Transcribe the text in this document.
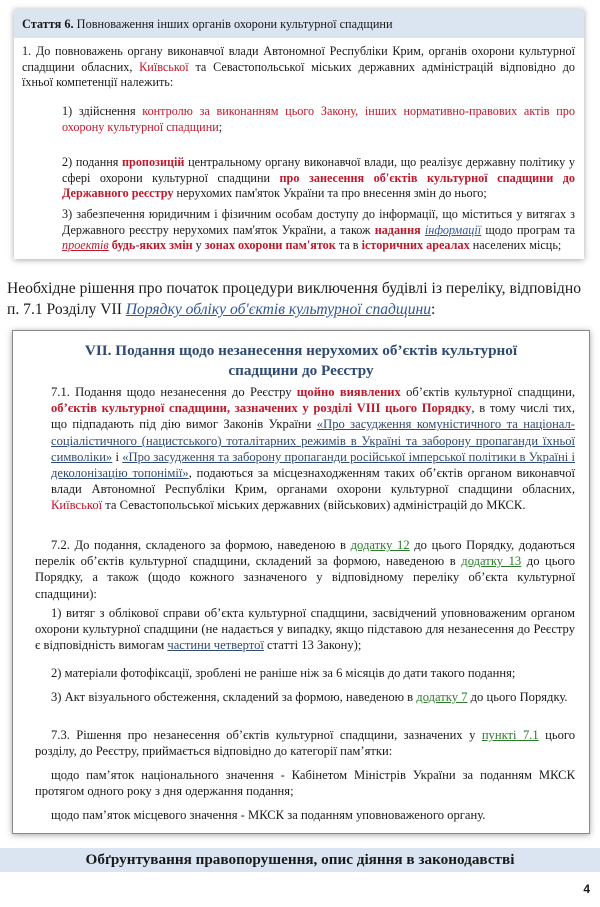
Стаття 6. Повноваження інших органів охорони культурної спадщини
1. До повноважень органу виконавчої влади Автономної Республіки Крим, органів охорони культурної спадщини обласних, Київської та Севастопольської міських державних адміністрацій відповідно до їхньої компетенції належить:
1) здійснення контролю за виконанням цього Закону, інших нормативно-правових актів про охорону культурної спадщини;
2) подання пропозицій центральному органу виконавчої влади, що реалізує державну політику у сфері охорони культурної спадщини про занесення об'єктів культурної спадщини до Державного реєстру нерухомих пам'яток України та про внесення змін до нього;
3) забезпечення юридичним і фізичним особам доступу до інформації, що міститься у витягах з Державного реєстру нерухомих пам'яток України, а також надання інформації щодо програм та проектів будь-яких змін у зонах охорони пам'яток та в історичних ареалах населених місць;
Необхідне рішення про початок процедури виключення будівлі із переліку, відповідно п. 7.1 Розділу VII Порядку обліку об'єктів культурної спадщини:
VII. Подання щодо незанесення нерухомих об’єктів культурної
спадщини до Реєстру
7.1. Подання щодо незанесення до Реєстру щойно виявлених об’єктів культурної спадщини, об’єктів культурної спадщини, зазначених у розділі VIII цього Порядку, в тому числі тих, що підпадають під дію вимог Законів України «Про засудження комуністичного та націонал-соціалістичного (нацистського) тоталітарних режимів в Україні та заборону пропаганди їхньої символіки» і «Про засудження та заборону пропаганди російської імперської політики в Україні і деколонізацію топонімії», подаються за місцезнаходженням таких об’єктів органом виконавчої влади Автономної Республіки Крим, органами охорони культурної спадщини обласних, Київської та Севастопольської міських державних (військових) адміністрацій до МКСК.
7.2. До подання, складеного за формою, наведеною в додатку 12 до цього Порядку, додаються перелік об’єктів культурної спадщини, складений за формою, наведеною в додатку 13 до цього Порядку, а також (щодо кожного зазначеного у відповідному переліку об’єкта культурної спадщини):
1) витяг з облікової справи об’єкта культурної спадщини, засвідчений уповноваженим органом охорони культурної спадщини (не надається у випадку, якщо підставою для незанесення до Реєстру є відповідність вимогам частини четвертої статті 13 Закону);
2) матеріали фотофіксації, зроблені не раніше ніж за 6 місяців до дати такого подання;
3) Акт візуального обстеження, складений за формою, наведеною в додатку 7 до цього Порядку.
7.3. Рішення про незанесення об’єктів культурної спадщини, зазначених у пункті 7.1 цього розділу, до Реєстру, приймається відповідно до категорії пам’ятки:
щодо пам’яток національного значення - Кабінетом Міністрів України за поданням МКСК протягом одного року з дня одержання подання;
щодо пам’яток місцевого значення - МКСК за поданням уповноваженого органу.
Обґрунтування правопорушення, опис діяння в законодавстві
4
